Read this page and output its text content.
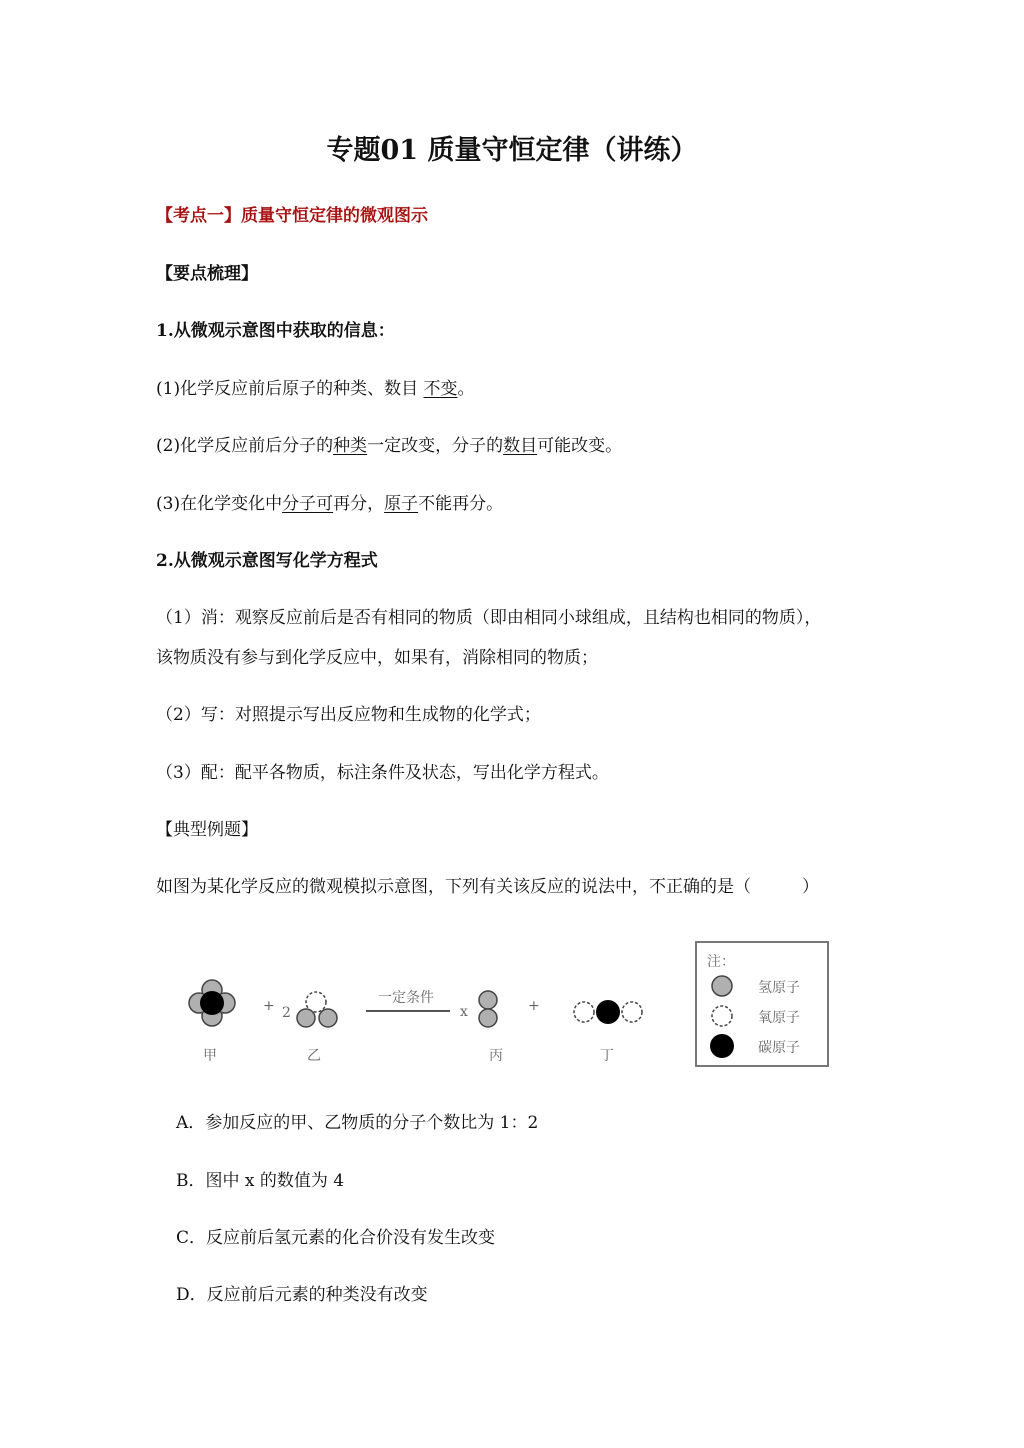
专题01 质量守恒定律（讲练）
【考点一】质量守恒定律的微观图示
【要点梳理】
1.从微观示意图中获取的信息：
(1)化学反应前后原子的种类、数目 不变。
(2)化学反应前后分子的种类一定改变，分子的数目可能改变。
(3)在化学变化中分子可再分，原子不能再分。
2.从微观示意图写化学方程式
（1）消：观察反应前后是否有相同的物质（即由相同小球组成，且结构也相同的物质），
该物质没有参与到化学反应中，如果有，消除相同的物质；
（2）写：对照提示写出反应物和生成物的化学式；
（3）配：配平各物质，标注条件及状态，写出化学方程式。
【典型例题】
如图为某化学反应的微观模拟示意图，下列有关该反应的说法中，不正确的是（　　　）
+ 2
一定条件
x	+
甲	乙	丙	丁
注：
氢原子
氧原子
碳原子
A．参加反应的甲、乙物质的分子个数比为 1：2
B．图中 x 的数值为 4
C．反应前后氢元素的化合价没有发生改变
D．反应前后元素的种类没有改变
